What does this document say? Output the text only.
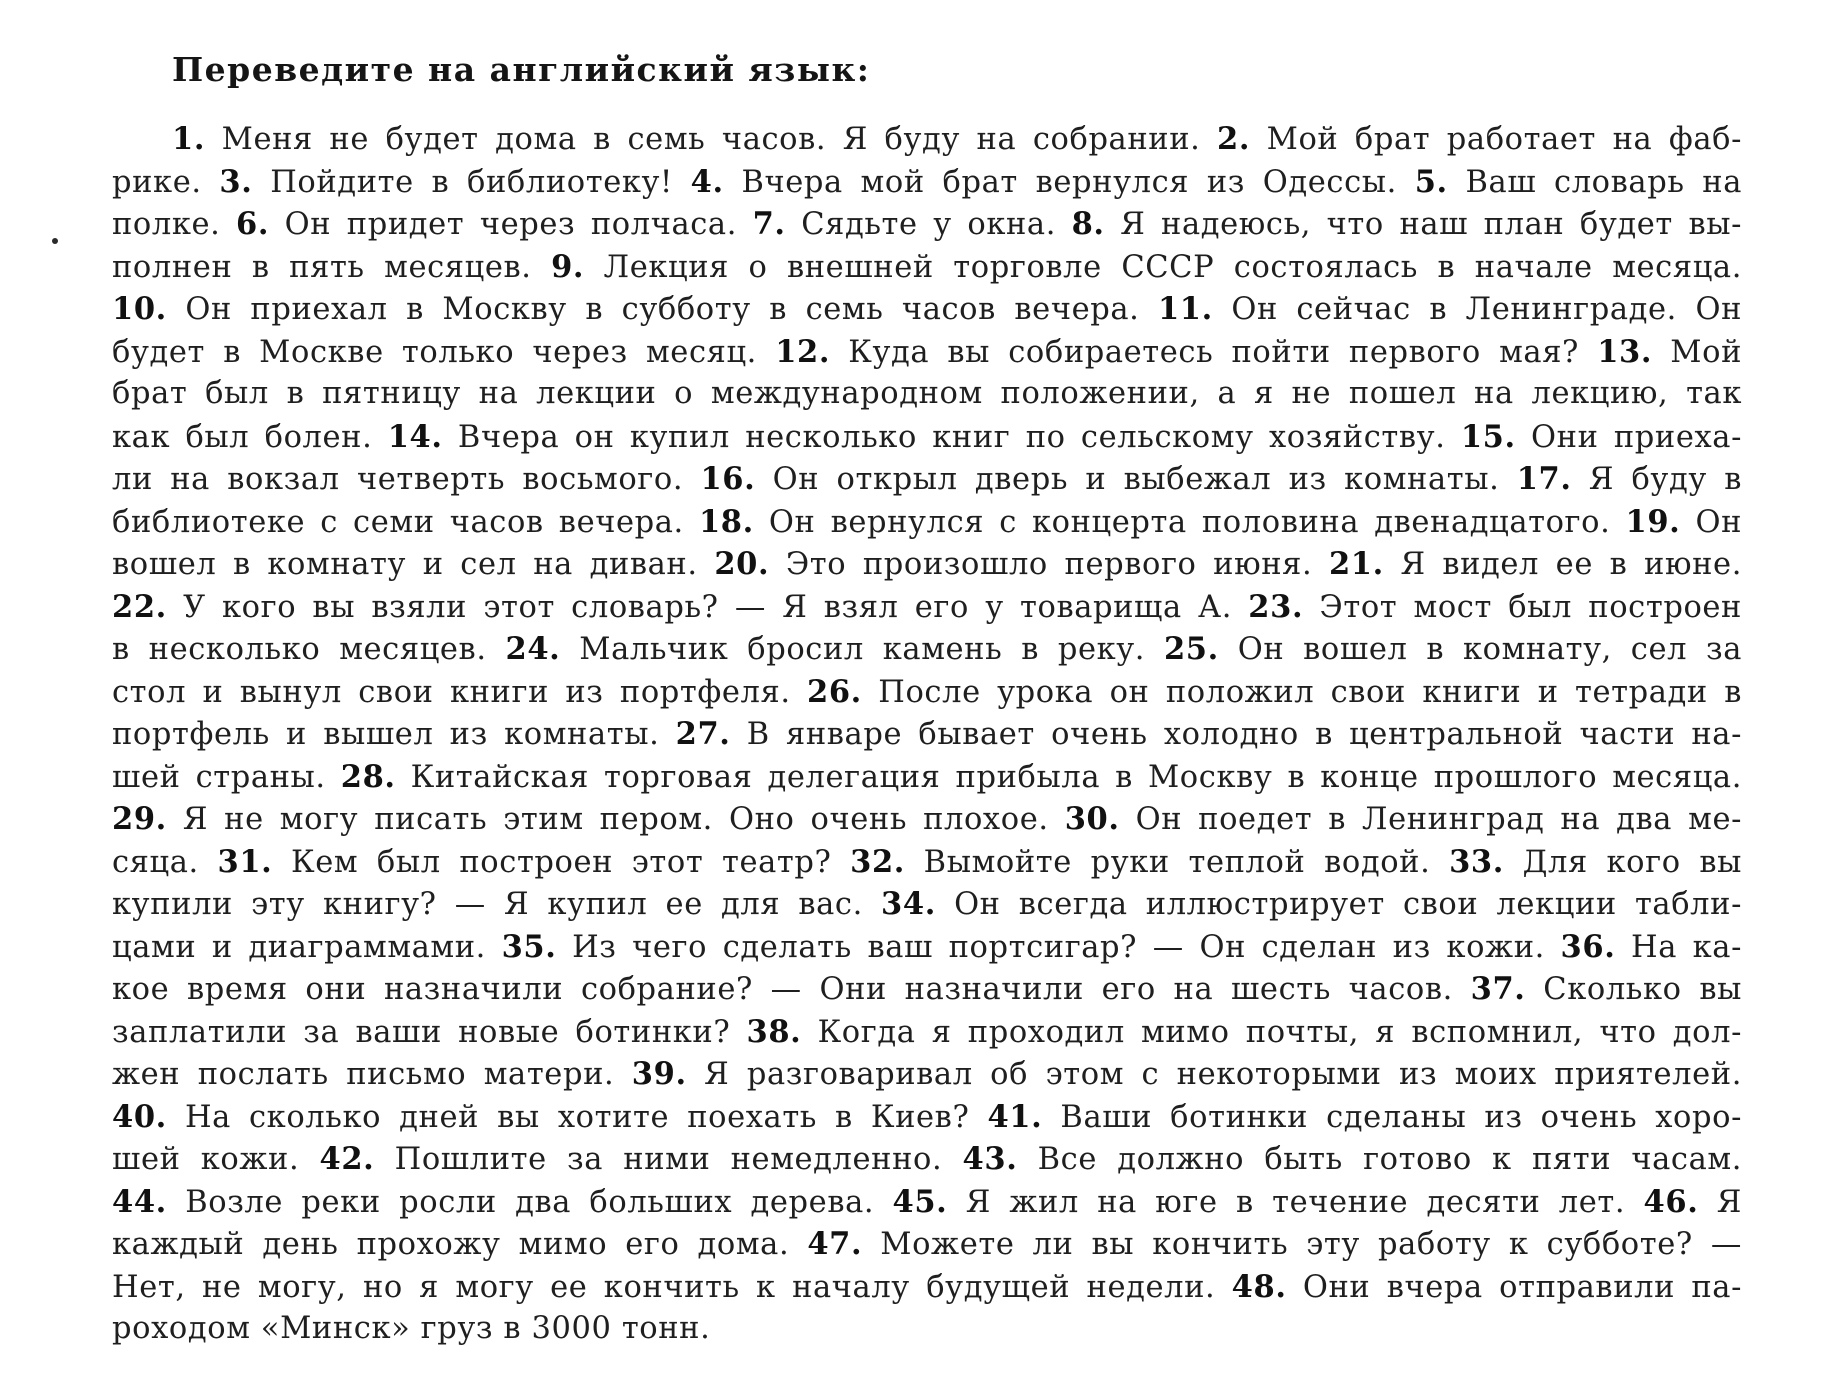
Переведите на английский язык:
1. Меня не будет дома в семь часов. Я буду на собрании. 2. Мой брат работает на фаб-
рике. 3. Пойдите в библиотеку! 4. Вчера мой брат вернулся из Одессы. 5. Ваш словарь на
полке. 6. Он придет через полчаса. 7. Сядьте у окна. 8. Я надеюсь, что наш план будет вы-
полнен в пять месяцев. 9. Лекция о внешней торговле СССР состоялась в начале месяца.
10. Он приехал в Москву в субботу в семь часов вечера. 11. Он сейчас в Ленинграде. Он
будет в Москве только через месяц. 12. Куда вы собираетесь пойти первого мая? 13. Мой
брат был в пятницу на лекции о международном положении, а я не пошел на лекцию, так
как был болен. 14. Вчера он купил несколько книг по сельскому хозяйству. 15. Они приеха-
ли на вокзал четверть восьмого. 16. Он открыл дверь и выбежал из комнаты. 17. Я буду в
библиотеке с семи часов вечера. 18. Он вернулся с концерта половина двенадцатого. 19. Он
вошел в комнату и сел на диван. 20. Это произошло первого июня. 21. Я видел ее в июне.
22. У кого вы взяли этот словарь? — Я взял его у товарища А. 23. Этот мост был построен
в несколько месяцев. 24. Мальчик бросил камень в реку. 25. Он вошел в комнату, сел за
стол и вынул свои книги из портфеля. 26. После урока он положил свои книги и тетради в
портфель и вышел из комнаты. 27. В январе бывает очень холодно в центральной части на-
шей страны. 28. Китайская торговая делегация прибыла в Москву в конце прошлого месяца.
29. Я не могу писать этим пером. Оно очень плохое. 30. Он поедет в Ленинград на два ме-
сяца. 31. Кем был построен этот театр? 32. Вымойте руки теплой водой. 33. Для кого вы
купили эту книгу? — Я купил ее для вас. 34. Он всегда иллюстрирует свои лекции табли-
цами и диаграммами. 35. Из чего сделать ваш портсигар? — Он сделан из кожи. 36. На ка-
кое время они назначили собрание? — Они назначили его на шесть часов. 37. Сколько вы
заплатили за ваши новые ботинки? 38. Когда я проходил мимо почты, я вспомнил, что дол-
жен послать письмо матери. 39. Я разговаривал об этом с некоторыми из моих приятелей.
40. На сколько дней вы хотите поехать в Киев? 41. Ваши ботинки сделаны из очень хоро-
шей кожи. 42. Пошлите за ними немедленно. 43. Все должно быть готово к пяти часам.
44. Возле реки росли два больших дерева. 45. Я жил на юге в течение десяти лет. 46. Я
каждый день прохожу мимо его дома. 47. Можете ли вы кончить эту работу к субботе? —
Нет, не могу, но я могу ее кончить к началу будущей недели. 48. Они вчера отправили па-
роходом «Минск» груз в 3000 тонн.
